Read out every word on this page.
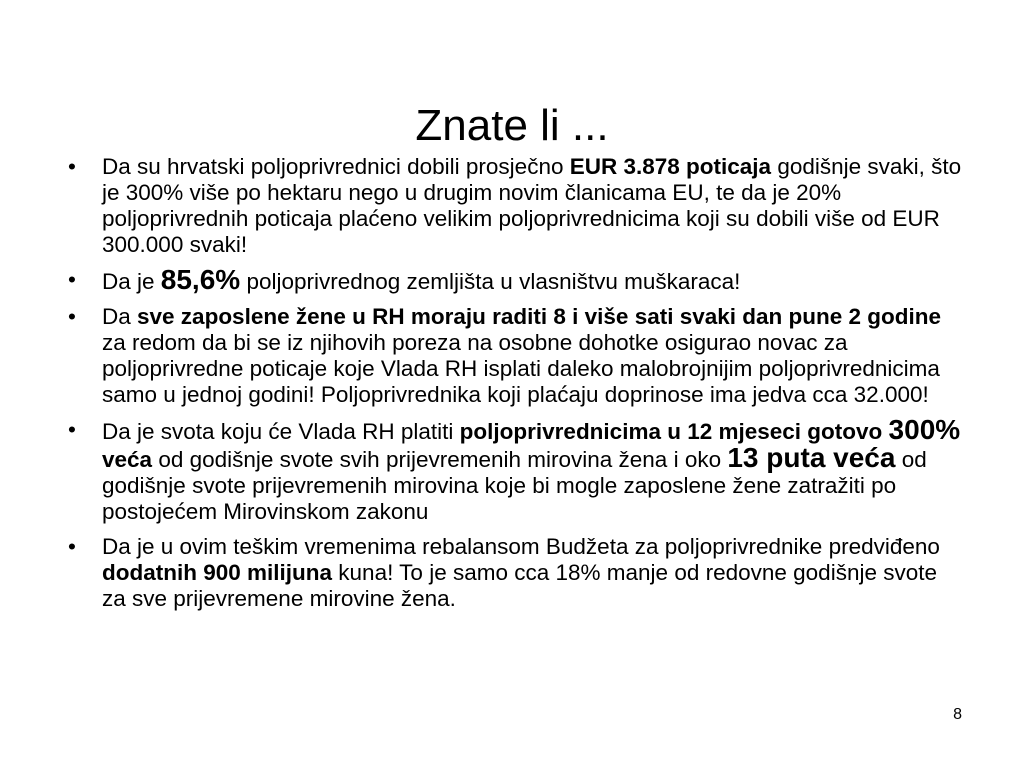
Znate li ...
• Da su hrvatski poljoprivrednici dobili prosječno EUR 3.878 poticaja godišnje svaki, što je 300% više po hektaru nego u drugim novim članicama EU, te da je 20% poljoprivrednih poticaja plaćeno velikim poljoprivrednicima koji su dobili više od EUR 300.000 svaki!
• Da je 85,6% poljoprivrednog zemljišta u vlasništvu muškaraca!
• Da sve zaposlene žene u RH moraju raditi 8 i više sati svaki dan pune 2 godine za redom da bi se iz njihovih poreza na osobne dohotke osigurao novac za poljoprivredne poticaje koje Vlada RH isplati daleko malobrojnijim poljoprivrednicima samo u jednoj godini! Poljoprivrednika koji plaćaju doprinose ima jedva cca 32.000!
• Da je svota koju će Vlada RH platiti poljoprivrednicima u 12 mjeseci gotovo 300% veća od godišnje svote svih prijevremenih mirovina žena i oko 13 puta veća od godišnje svote prijevremenih mirovina koje bi mogle zaposlene žene zatražiti po postojećem Mirovinskom zakonu
• Da je u ovim teškim vremenima rebalansom Budžeta za poljoprivrednike predviđeno dodatnih 900 milijuna kuna! To je samo cca 18% manje od redovne godišnje svote za sve prijevremene mirovine žena.
8
